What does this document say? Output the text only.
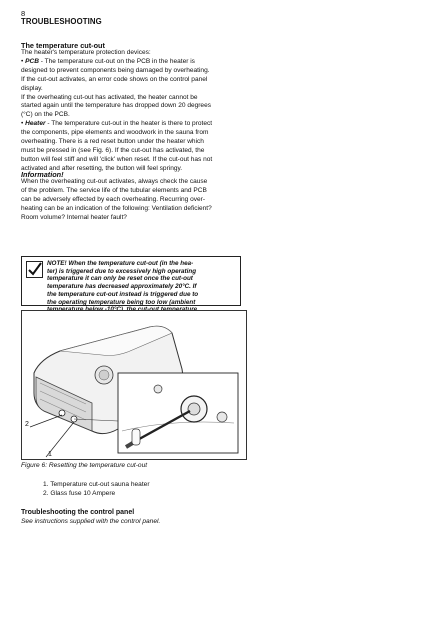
8
TROUBLESHOOTING
The temperature cut-out
The heater's temperature protection devices:
• PCB - The temperature cut-out on the PCB in the heater is
designed to prevent components being damaged by overheating.
If the cut-out activates, an error code shows on the control panel
display.
If the overheating cut-out has activated, the heater cannot be
started again until the temperature has dropped down 20 degrees
(°C) on the PCB.
• Heater - The temperature cut-out in the heater is there to protect
the components, pipe elements and woodwork in the sauna from
overheating. There is a red reset button under the heater which
must be pressed in (see Fig. 6). If the cut-out has activated, the
button will feel stiff and will 'click' when reset. If the cut-out has not
activated and after resetting, the button will feel springy.
Information!
When the overheating cut-out activates, always check the cause
of the problem. The service life of the tubular elements and PCB
can be adversely effected by each overheating. Recurring over-
heating can be an indication of the following: Ventilation deficient?
Room volume? Internal heater fault?
NOTE! When the temperature cut-out (in the hea-
ter) is triggered due to excessively high operating
temperature it can only be reset once the cut-out
temperature has decreased approximately 20°C. If
the temperature cut-out instead is triggered due to
the operating temperature being too low (ambient
2
1
Figure 6: Resetting the temperature cut-out
1. Temperature cut-out sauna heater
2. Glass fuse 10 Ampere
Troubleshooting the control panel
See instructions supplied with the control panel.
